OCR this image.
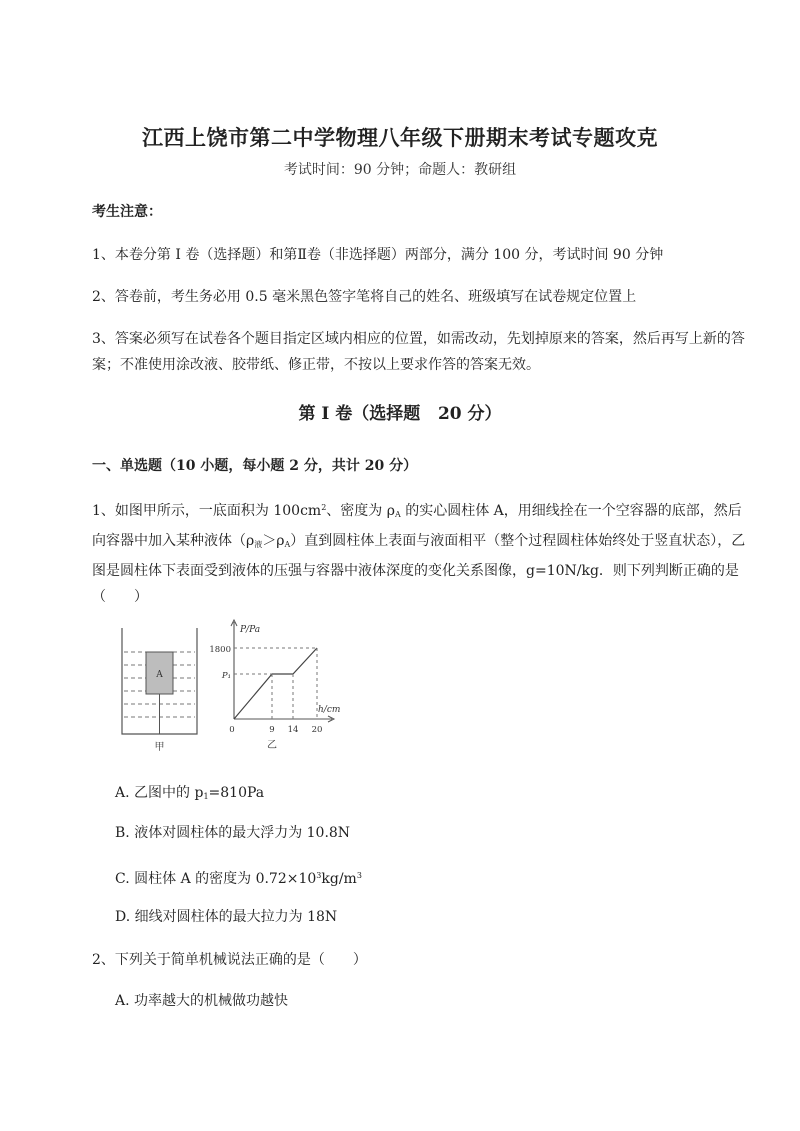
江西上饶市第二中学物理八年级下册期末考试专题攻克
考试时间：90 分钟；命题人：教研组
考生注意：
1、本卷分第 I 卷（选择题）和第Ⅱ卷（非选择题）两部分，满分 100 分，考试时间 90 分钟
2、答卷前，考生务必用 0.5 毫米黑色签字笔将自己的姓名、班级填写在试卷规定位置上
3、答案必须写在试卷各个题目指定区域内相应的位置，如需改动，先划掉原来的答案，然后再写上新的答案；不准使用涂改液、胶带纸、修正带，不按以上要求作答的答案无效。
第 I 卷（选择题   20 分）
一、单选题（10 小题，每小题 2 分，共计 20 分）
1、如图甲所示，一底面积为 $100cm^2$、密度为 $\rho_A$ 的实心圆柱体 A，用细线拴在一个空容器的底部，然后向容器中加入某种液体$(\rho_液>\rho_A)$直到圆柱体上表面与液面相平（整个过程圆柱体始终处于竖直状态），乙图是圆柱体下表面受到液体的压强与容器中液体深度的变化关系图像，g=10N/kg．则下列判断正确的是（　　）
A
甲
P/Pa
h/cm
1800
P₁
0	9 14 20
乙
A. 乙图中的 $p_1=810Pa$
B. 液体对圆柱体的最大浮力为 10.8N
C. 圆柱体 A 的密度为 $0.72\times 10^3kg/m^3$
D. 细线对圆柱体的最大拉力为 18N
2、下列关于简单机械说法正确的是（　　）
A. 功率越大的机械做功越快
